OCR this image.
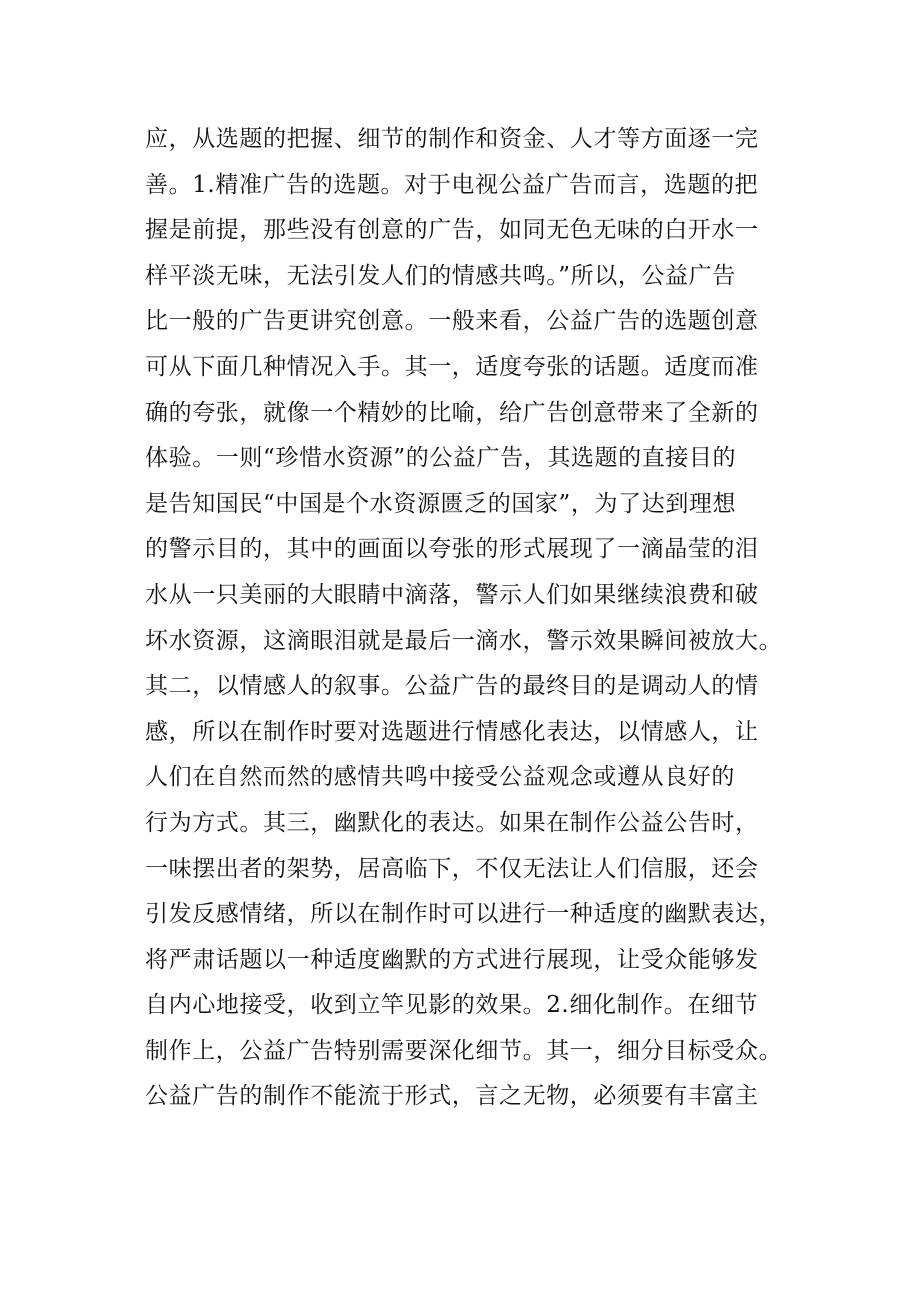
应，从选题的把握、细节的制作和资金、人才等方面逐一完
善。1.精准广告的选题。对于电视公益广告而言，选题的把
握是前提，那些没有创意的广告，如同无色无味的白开水一
样平淡无味，无法引发人们的情感共鸣。”所以，公益广告
比一般的广告更讲究创意。一般来看，公益广告的选题创意
可从下面几种情况入手。其一，适度夸张的话题。适度而准
确的夸张，就像一个精妙的比喻，给广告创意带来了全新的
体验。一则“珍惜水资源”的公益广告，其选题的直接目的
是告知国民“中国是个水资源匮乏的国家”，为了达到理想
的警示目的，其中的画面以夸张的形式展现了一滴晶莹的泪
水从一只美丽的大眼睛中滴落，警示人们如果继续浪费和破
坏水资源，这滴眼泪就是最后一滴水，警示效果瞬间被放大。
其二，以情感人的叙事。公益广告的最终目的是调动人的情
感，所以在制作时要对选题进行情感化表达，以情感人，让
人们在自然而然的感情共鸣中接受公益观念或遵从良好的
行为方式。其三，幽默化的表达。如果在制作公益公告时，
一味摆出者的架势，居高临下，不仅无法让人们信服，还会
引发反感情绪，所以在制作时可以进行一种适度的幽默表达，
将严肃话题以一种适度幽默的方式进行展现，让受众能够发
自内心地接受，收到立竿见影的效果。2.细化制作。在细节
制作上，公益广告特别需要深化细节。其一，细分目标受众。
公益广告的制作不能流于形式，言之无物，必须要有丰富主
